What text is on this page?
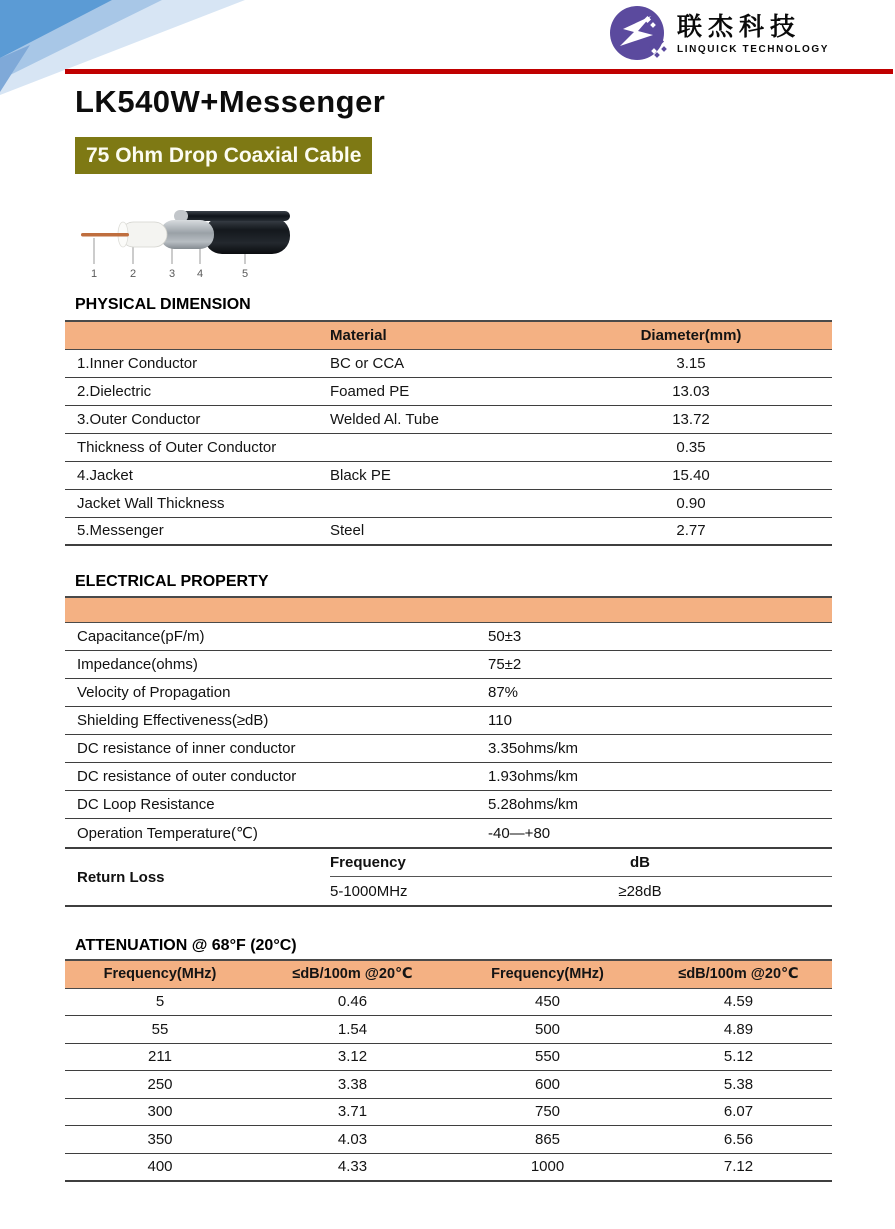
联杰科技
LINQUICK TECHNOLOGY
LK540W+Messenger
75 Ohm Drop Coaxial Cable
1	2	3 4	5
PHYSICAL DIMENSION
	Material	Diameter(mm)
1.Inner Conductor	BC or CCA	3.15
2.Dielectric	Foamed PE	13.03
3.Outer Conductor	Welded Al. Tube	13.72
Thickness of Outer Conductor		0.35
4.Jacket	Black PE	15.40
Jacket Wall Thickness		0.90
5.Messenger	Steel	2.77
ELECTRICAL PROPERTY
Capacitance(pF/m)	50±3
Impedance(ohms)	75±2
Velocity of Propagation	87%
Shielding Effectiveness(≥dB)	110
DC resistance of inner conductor	3.35ohms/km
DC resistance of outer conductor	1.93ohms/km
DC Loop Resistance	5.28ohms/km
Operation Temperature(℃)	-40—+80
Return Loss
Frequency	dB
5-1000MHz	≥28dB
ATTENUATION @ 68°F (20°C)
Frequency(MHz)	≤dB/100m @20℃	Frequency(MHz)	≤dB/100m @20℃
5	0.46	450	4.59
55	1.54	500	4.89
211	3.12	550	5.12
250	3.38	600	5.38
300	3.71	750	6.07
350	4.03	865	6.56
400	4.33	1000	7.12
